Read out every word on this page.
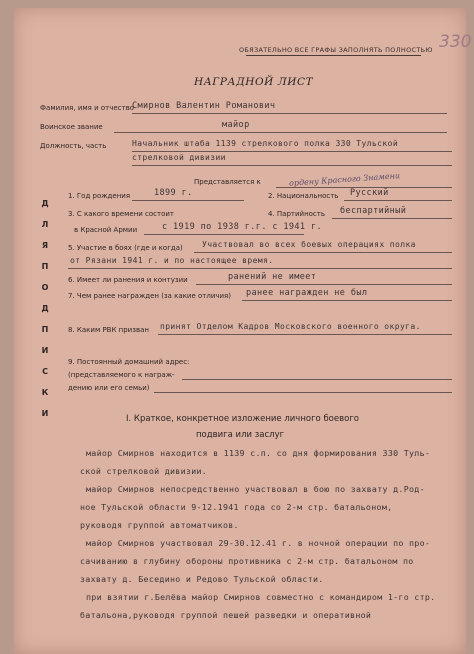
ОБЯЗАТЕЛЬНО ВСЕ ГРАФЫ ЗАПОЛНЯТЬ ПОЛНОСТЬЮ 330
НАГРАДНОЙ ЛИСТ
Д
Л
Я
П
О
Д
П
И
С
К
И
Фамилия, имя и отчество
Смирнов Валентин Романович
Воинское звание	майор
Должность, часть	Начальник штаба 1139 стрелкового полка 330 Тульской
стрелковой дивизии
Представляется к	ордену Красного Знамени
1. Год рождения	1899 г.	2. Национальность Русский
3. С какого времени состоит	4. Партийность беспартийный
в Красной Армии	с 1919 по 1938 г.г. с 1941 г.
5. Участие в боях (где и когда) Участвовал во всех боевых операциях полка
от Рязани 1941 г. и по настоящее время.
6. Имеет ли ранения и контузии	ранений не имеет
7. Чем ранее награжден (за какие отличия) ранее награжден не был
8. Каким РВК призван принят Отделом Кадров Московского военного округа.
9. Постоянный домашний адрес:
(представляемого к награж-
дению или его семьи)
I. Краткое, конкретное изложение личного боевого
подвига или заслуг
майор Смирнов находится в 1139 с.п. со дня формирования 330 Туль-
ской стрелковой дивизии.
майор Смирнов непосредственно участвовал в бою по захвату д.Род-
ное Тульской области 9-12.1941 года со 2-м стр. батальоном,
руководя группой автоматчиков.
майор Смирнов участвовал 29-30.12.41 г. в ночной операции по про-
сачиванию в глубину обороны противника с 2-м стр. батальоном по
захвату д. Бесединo и Редово Тульской области.
при взятии г.Белёва майор Смирнов совместно с командиром 1-го стр.
батальона,руководя группой пешей разведки и оперативной
